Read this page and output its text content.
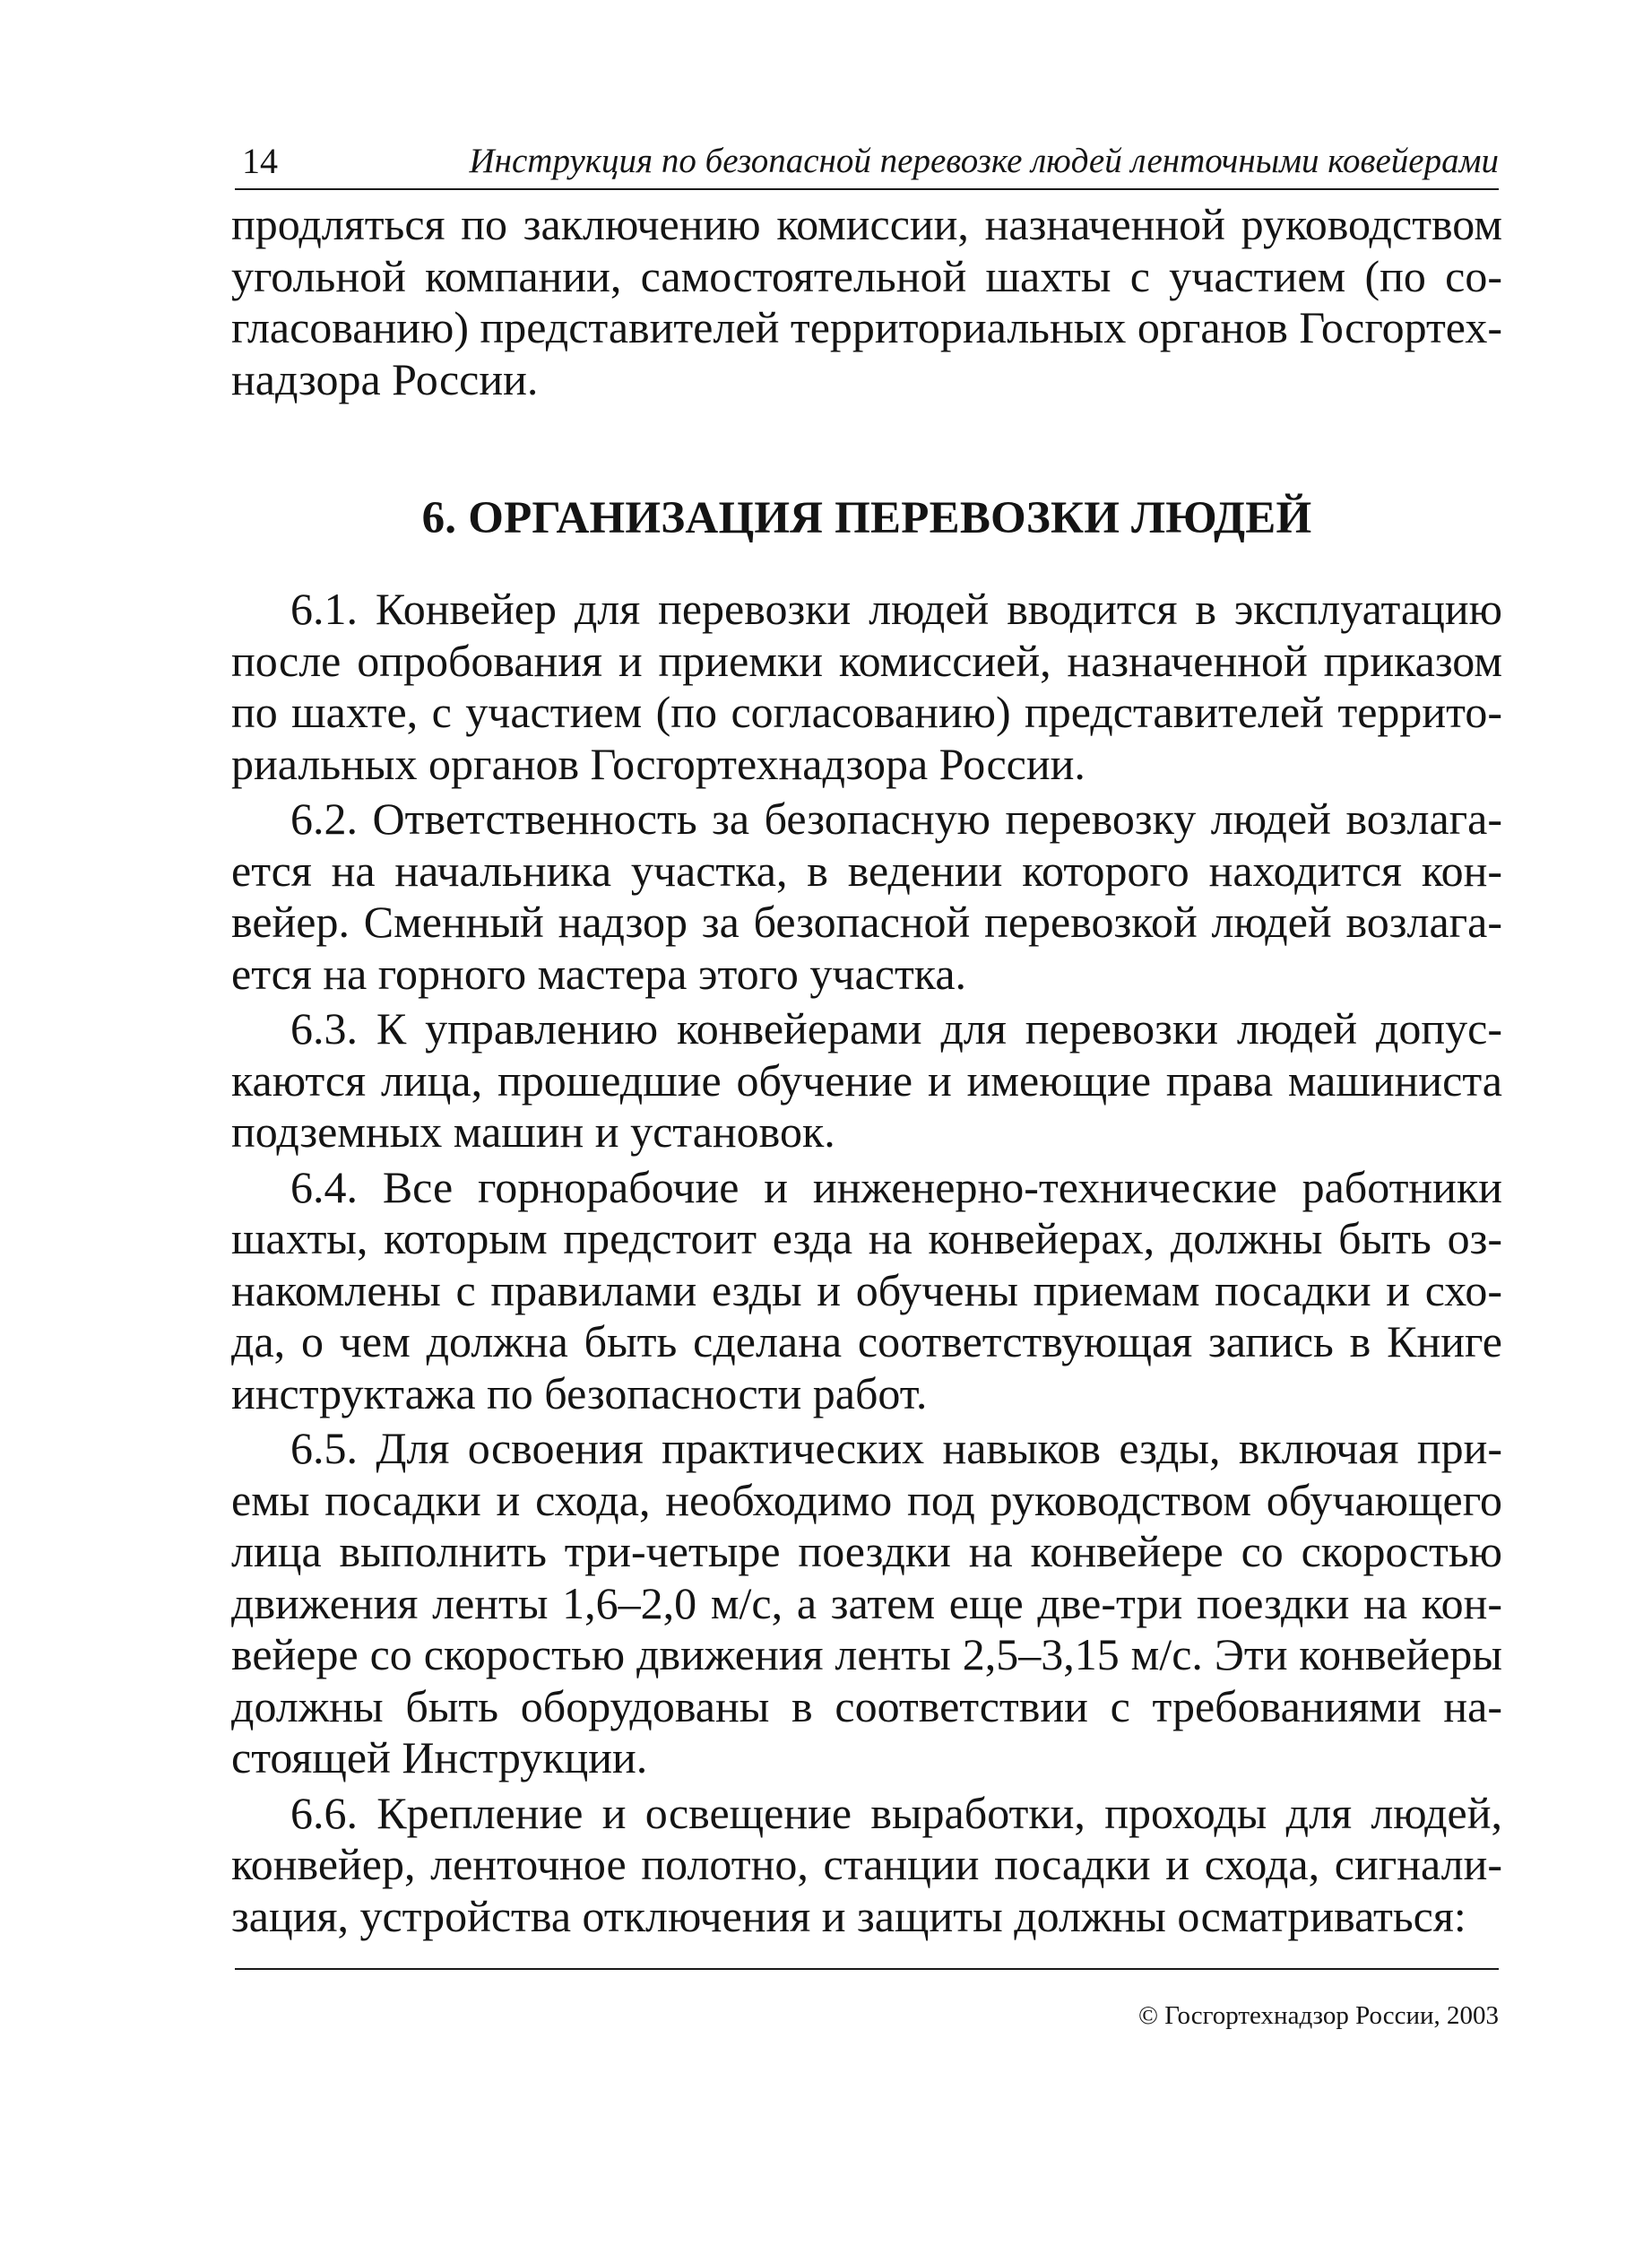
14	Инструкция по безопасной перевозке людей ленточными ковейерами

продляться по заключению комиссии, назначенной руководством угольной компании, самостоятельной шахты с участием (по согласованию) представителей территориальных органов Госгортехнадзора России.

6. ОРГАНИЗАЦИЯ ПЕРЕВОЗКИ ЛЮДЕЙ

6.1. Конвейер для перевозки людей вводится в эксплуатацию после опробования и приемки комиссией, назначенной приказом по шахте, с участием (по согласованию) представителей территориальных органов Госгортехнадзора России.

6.2. Ответственность за безопасную перевозку людей возлагается на начальника участка, в ведении которого находится конвейер. Сменный надзор за безопасной перевозкой людей возлагается на горного мастера этого участка.

6.3. К управлению конвейерами для перевозки людей допускаются лица, прошедшие обучение и имеющие права машиниста подземных машин и установок.

6.4. Все горнорабочие и инженерно-технические работники шахты, которым предстоит езда на конвейерах, должны быть ознакомлены с правилами езды и обучены приемам посадки и схода, о чем должна быть сделана соответствующая запись в Книге инструктажа по безопасности работ.

6.5. Для освоения практических навыков езды, включая приемы посадки и схода, необходимо под руководством обучающего лица выполнить три-четыре поездки на конвейере со скоростью движения ленты 1,6–2,0 м/с, а затем еще две-три поездки на конвейере со скоростью движения ленты 2,5–3,15 м/с. Эти конвейеры должны быть оборудованы в соответствии с требованиями настоящей Инструкции.

6.6. Крепление и освещение выработки, проходы для людей, конвейер, ленточное полотно, станции посадки и схода, сигнализация, устройства отключения и защиты должны осматриваться:

© Госгортехнадзор России, 2003
